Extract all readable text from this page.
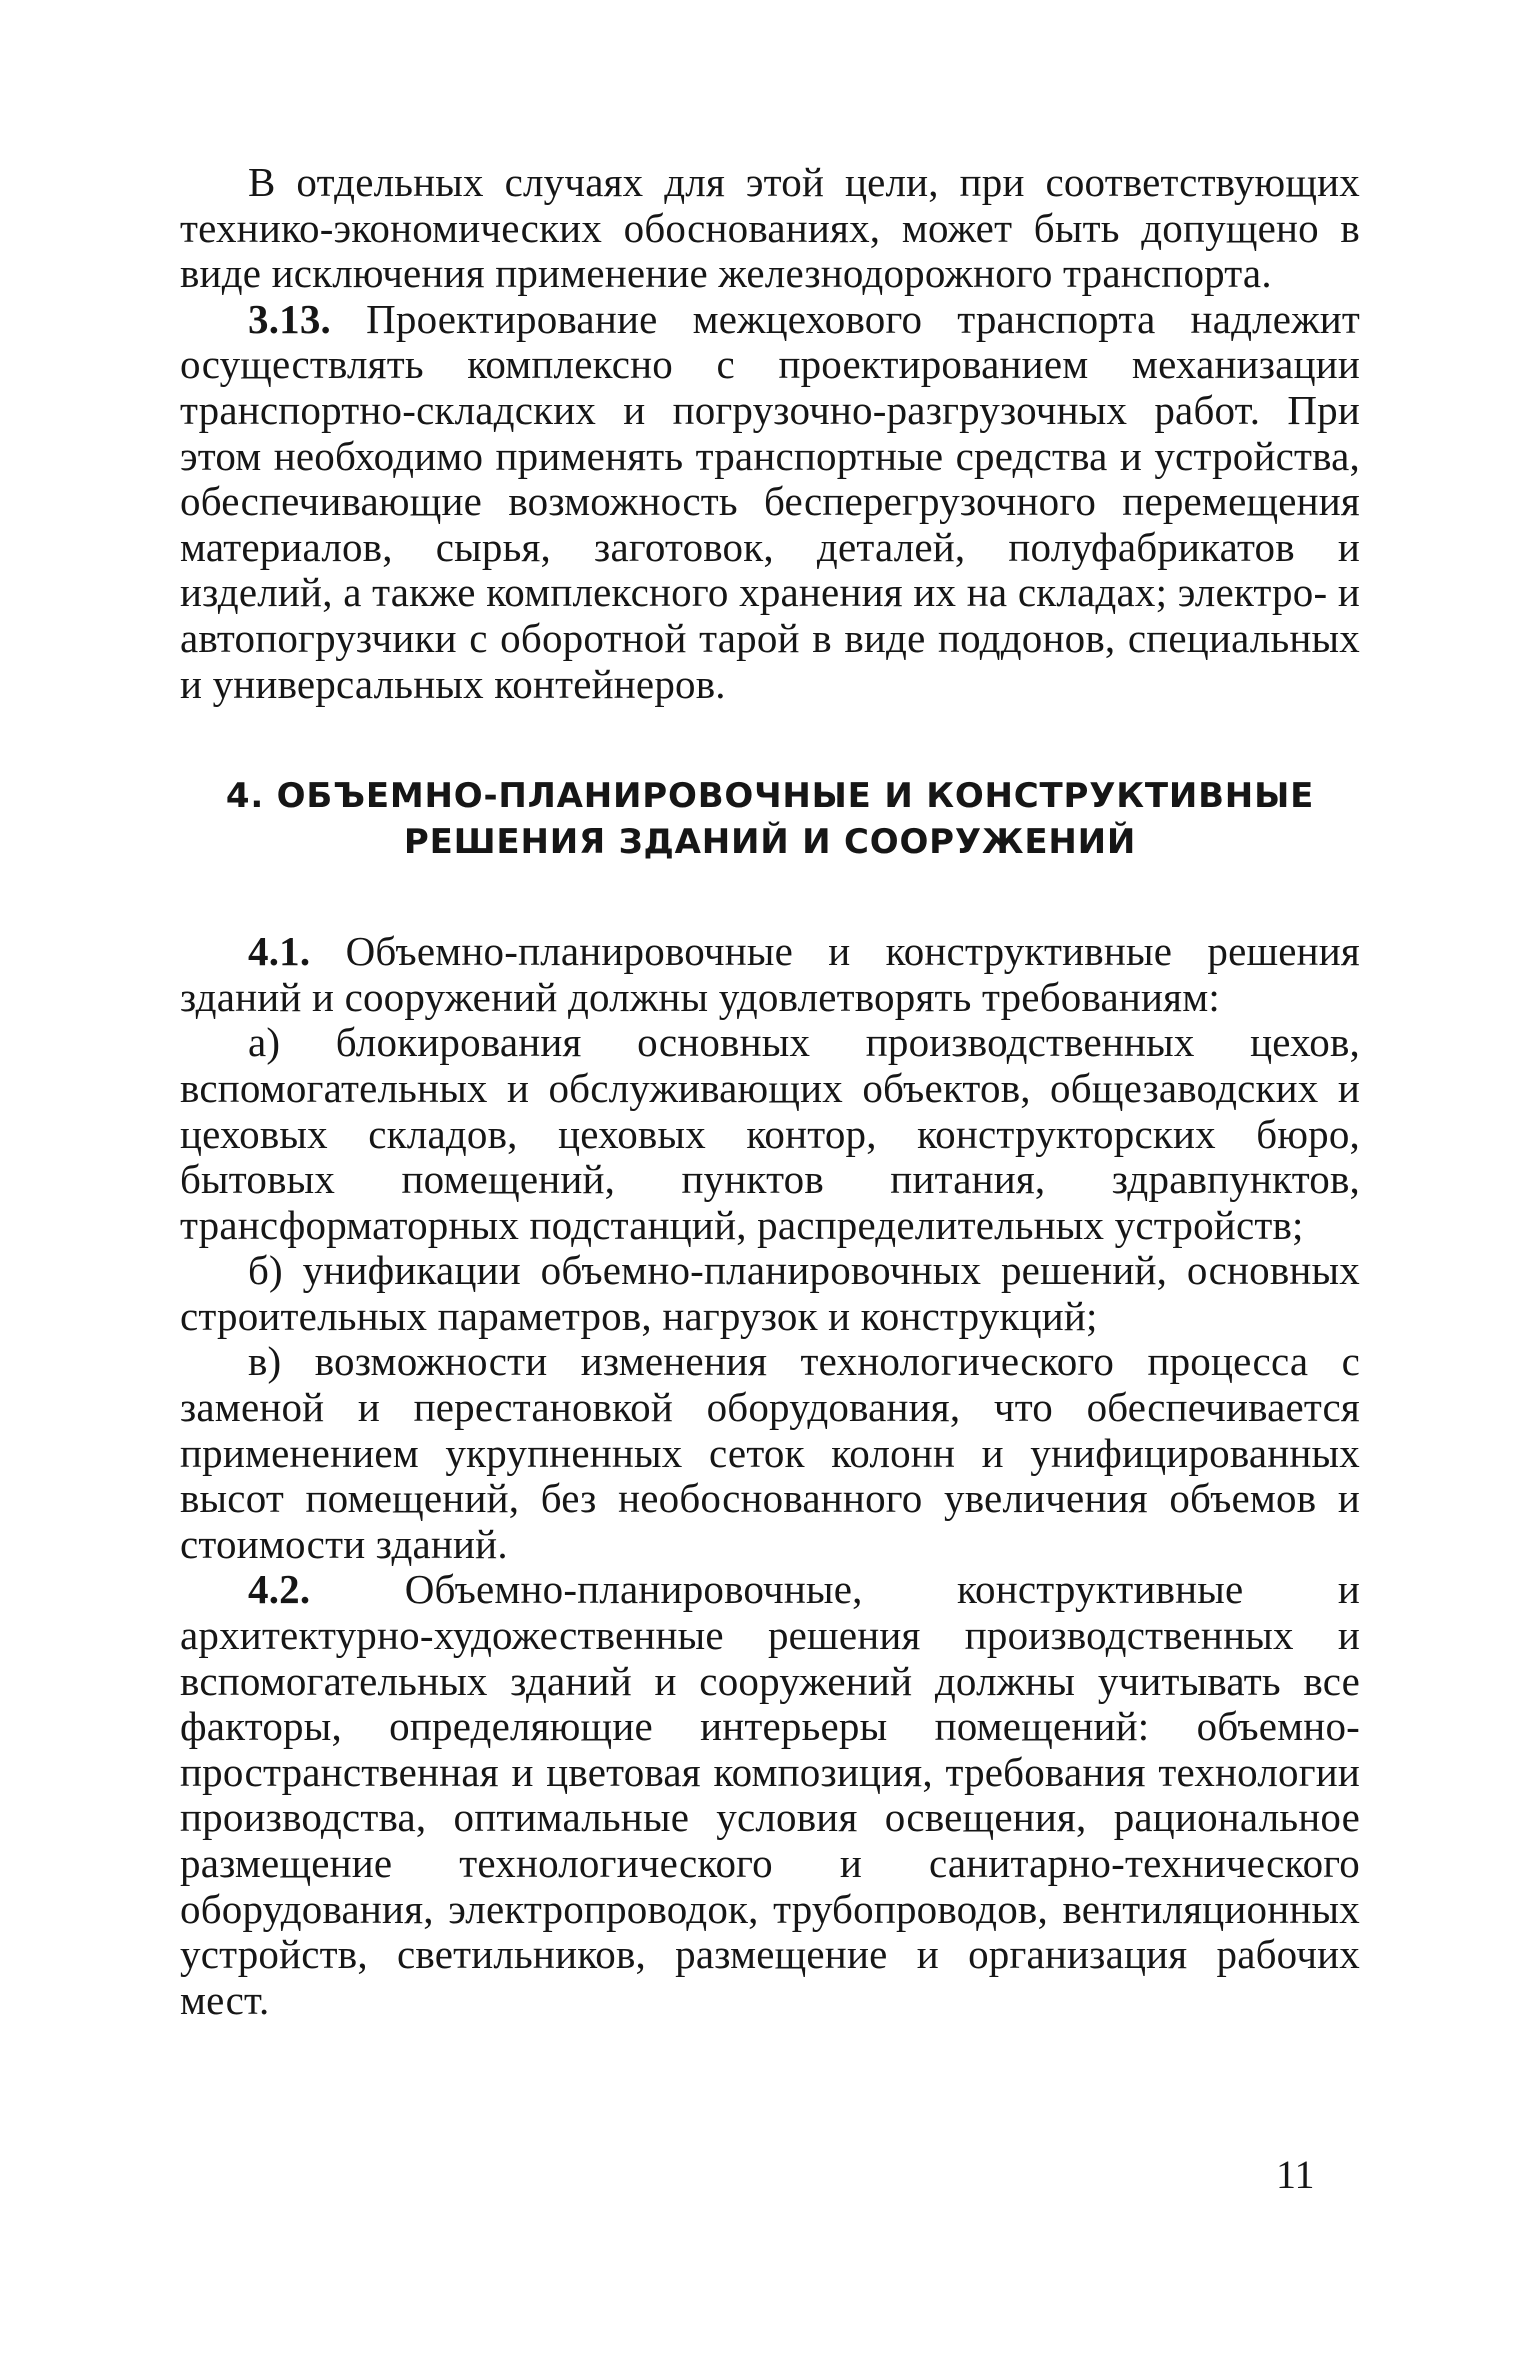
В отдельных случаях для этой цели, при соответствующих технико-экономических обоснованиях, может быть допущено в виде исключения применение железнодорожного транспорта.

3.13. Проектирование межцехового транспорта надлежит осуществлять комплексно с проектированием механизации транспортно-складских и погрузочно-разгрузочных работ. При этом необходимо применять транспортные средства и устройства, обеспечивающие возможность бесперегрузочного перемещения материалов, сырья, заготовок, деталей, полуфабрикатов и изделий, а также комплексного хранения их на складах; электро- и автопогрузчики с оборотной тарой в виде поддонов, специальных и универсальных контейнеров.

4. ОБЪЕМНО-ПЛАНИРОВОЧНЫЕ И КОНСТРУКТИВНЫЕ
РЕШЕНИЯ ЗДАНИЙ И СООРУЖЕНИЙ

4.1. Объемно-планировочные и конструктивные решения зданий и сооружений должны удовлетворять требованиям:

а) блокирования основных производственных цехов, вспомогательных и обслуживающих объектов, общезаводских и цеховых складов, цеховых контор, конструкторских бюро, бытовых помещений, пунктов питания, здравпунктов, трансформаторных подстанций, распределительных устройств;

б) унификации объемно-планировочных решений, основных строительных параметров, нагрузок и конструкций;

в) возможности изменения технологического процесса с заменой и перестановкой оборудования, что обеспечивается применением укрупненных сеток колонн и унифицированных высот помещений, без необоснованного увеличения объемов и стоимости зданий.

4.2. Объемно-планировочные, конструктивные и архитектурно-художественные решения производственных и вспомогательных зданий и сооружений должны учитывать все факторы, определяющие интерьеры помещений: объемно-пространственная и цветовая композиция, требования технологии производства, оптимальные условия освещения, рациональное размещение технологического и санитарно-технического оборудования, электропроводок, трубопроводов, вентиляционных устройств, светильников, размещение и организация рабочих мест.

11
